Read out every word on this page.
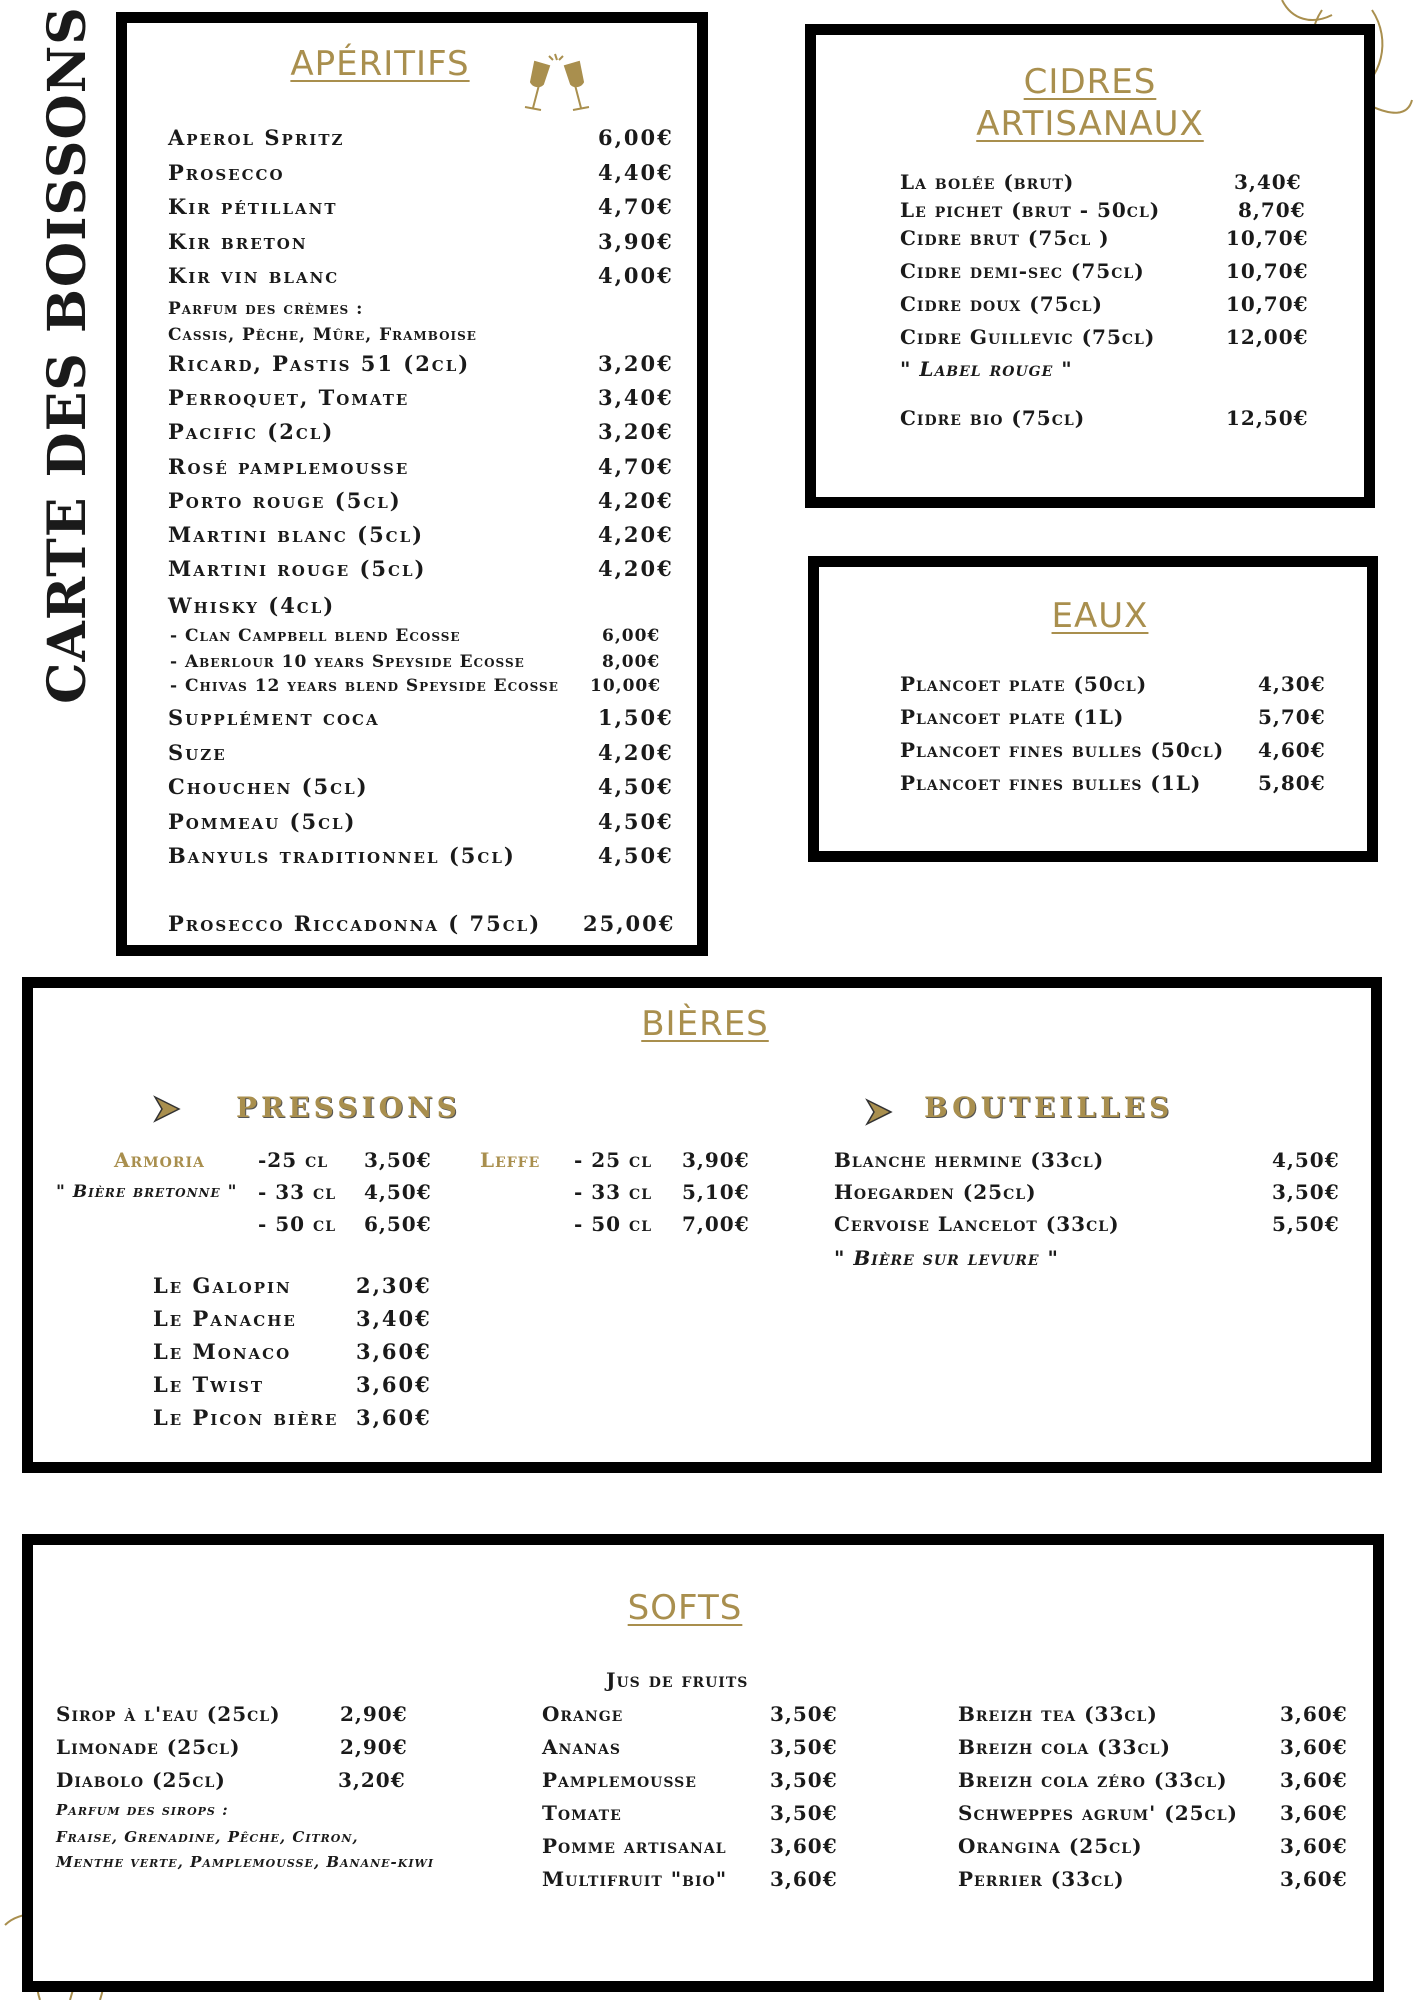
CARTE DES BOISSONS	APÉRITIFS
Aperol Spritz	6,00€
Prosecco	4,40€
Kir pétillant	4,70€
Kir breton	3,90€
Kir vin blanc	4,00€
Parfum des crèmes :
Cassis, Pêche, Mûre, Framboise
Ricard, Pastis 51 (2cl)	3,20€
Perroquet, Tomate	3,40€
Pacific (2cl)	3,20€
Rosé pamplemousse	4,70€
Porto rouge (5cl)	4,20€
Martini blanc (5cl)	4,20€
Martini rouge (5cl)	4,20€
Whisky (4cl)
- Clan Campbell blend Ecosse	6,00€
- Aberlour 10 years Speyside Ecosse	8,00€
- Chivas 12 years blend Speyside Ecosse 10,00€
Supplément coca	1,50€
Suze	4,20€
Chouchen (5cl)	4,50€
Pommeau (5cl)	4,50€
Banyuls traditionnel (5cl)	4,50€
Prosecco Riccadonna ( 75cl) 25,00€
CIDRES
ARTISANAUX
La bolée (brut)	3,40€
Le pichet (brut - 50cl)	8,70€
Cidre brut (75cl )	10,70€
Cidre demi-sec (75cl)	10,70€
Cidre doux (75cl)	10,70€
Cidre Guillevic (75cl)	12,00€
" Label rouge "
Cidre bio (75cl)	12,50€
EAUX
Plancoet plate (50cl)	4,30€
Plancoet plate (1L)	5,70€
Plancoet fines bulles (50cl) 4,60€
Plancoet fines bulles (1L)	5,80€
BIÈRES
PRESSIONS	BOUTEILLES
Armoria
" Bière bretonne "
-25 cl 3,50€
- 33 cl 4,50€
- 50 cl 6,50€
Leffe - 25 cl 3,90€
- 33 cl 5,10€
- 50 cl 7,00€
Le Galopin	2,30€
Le Panache	3,40€
Le Monaco	3,60€
Le Twist	3,60€
Le Picon bière 3,60€
Blanche hermine (33cl)	4,50€
Hoegarden (25cl)	3,50€
Cervoise Lancelot (33cl)	5,50€
" Bière sur levure "
SOFTS
Sirop à l'eau (25cl)	2,90€
Limonade (25cl)	2,90€
Diabolo (25cl)	3,20€
Parfum des sirops :
Fraise, Grenadine, Pêche, Citron,
Menthe verte, Pamplemousse, Banane-kiwi
Jus de fruits
Orange	3,50€
Ananas	3,50€
Pamplemousse	3,50€
Tomate	3,50€
Pomme artisanal 3,60€
Multifruit "bio" 3,60€
Breizh tea (33cl)	3,60€
Breizh cola (33cl)	3,60€
Breizh cola zéro (33cl)	3,60€
Schweppes agrum' (25cl) 3,60€
Orangina (25cl)	3,60€
Perrier (33cl)	3,60€
